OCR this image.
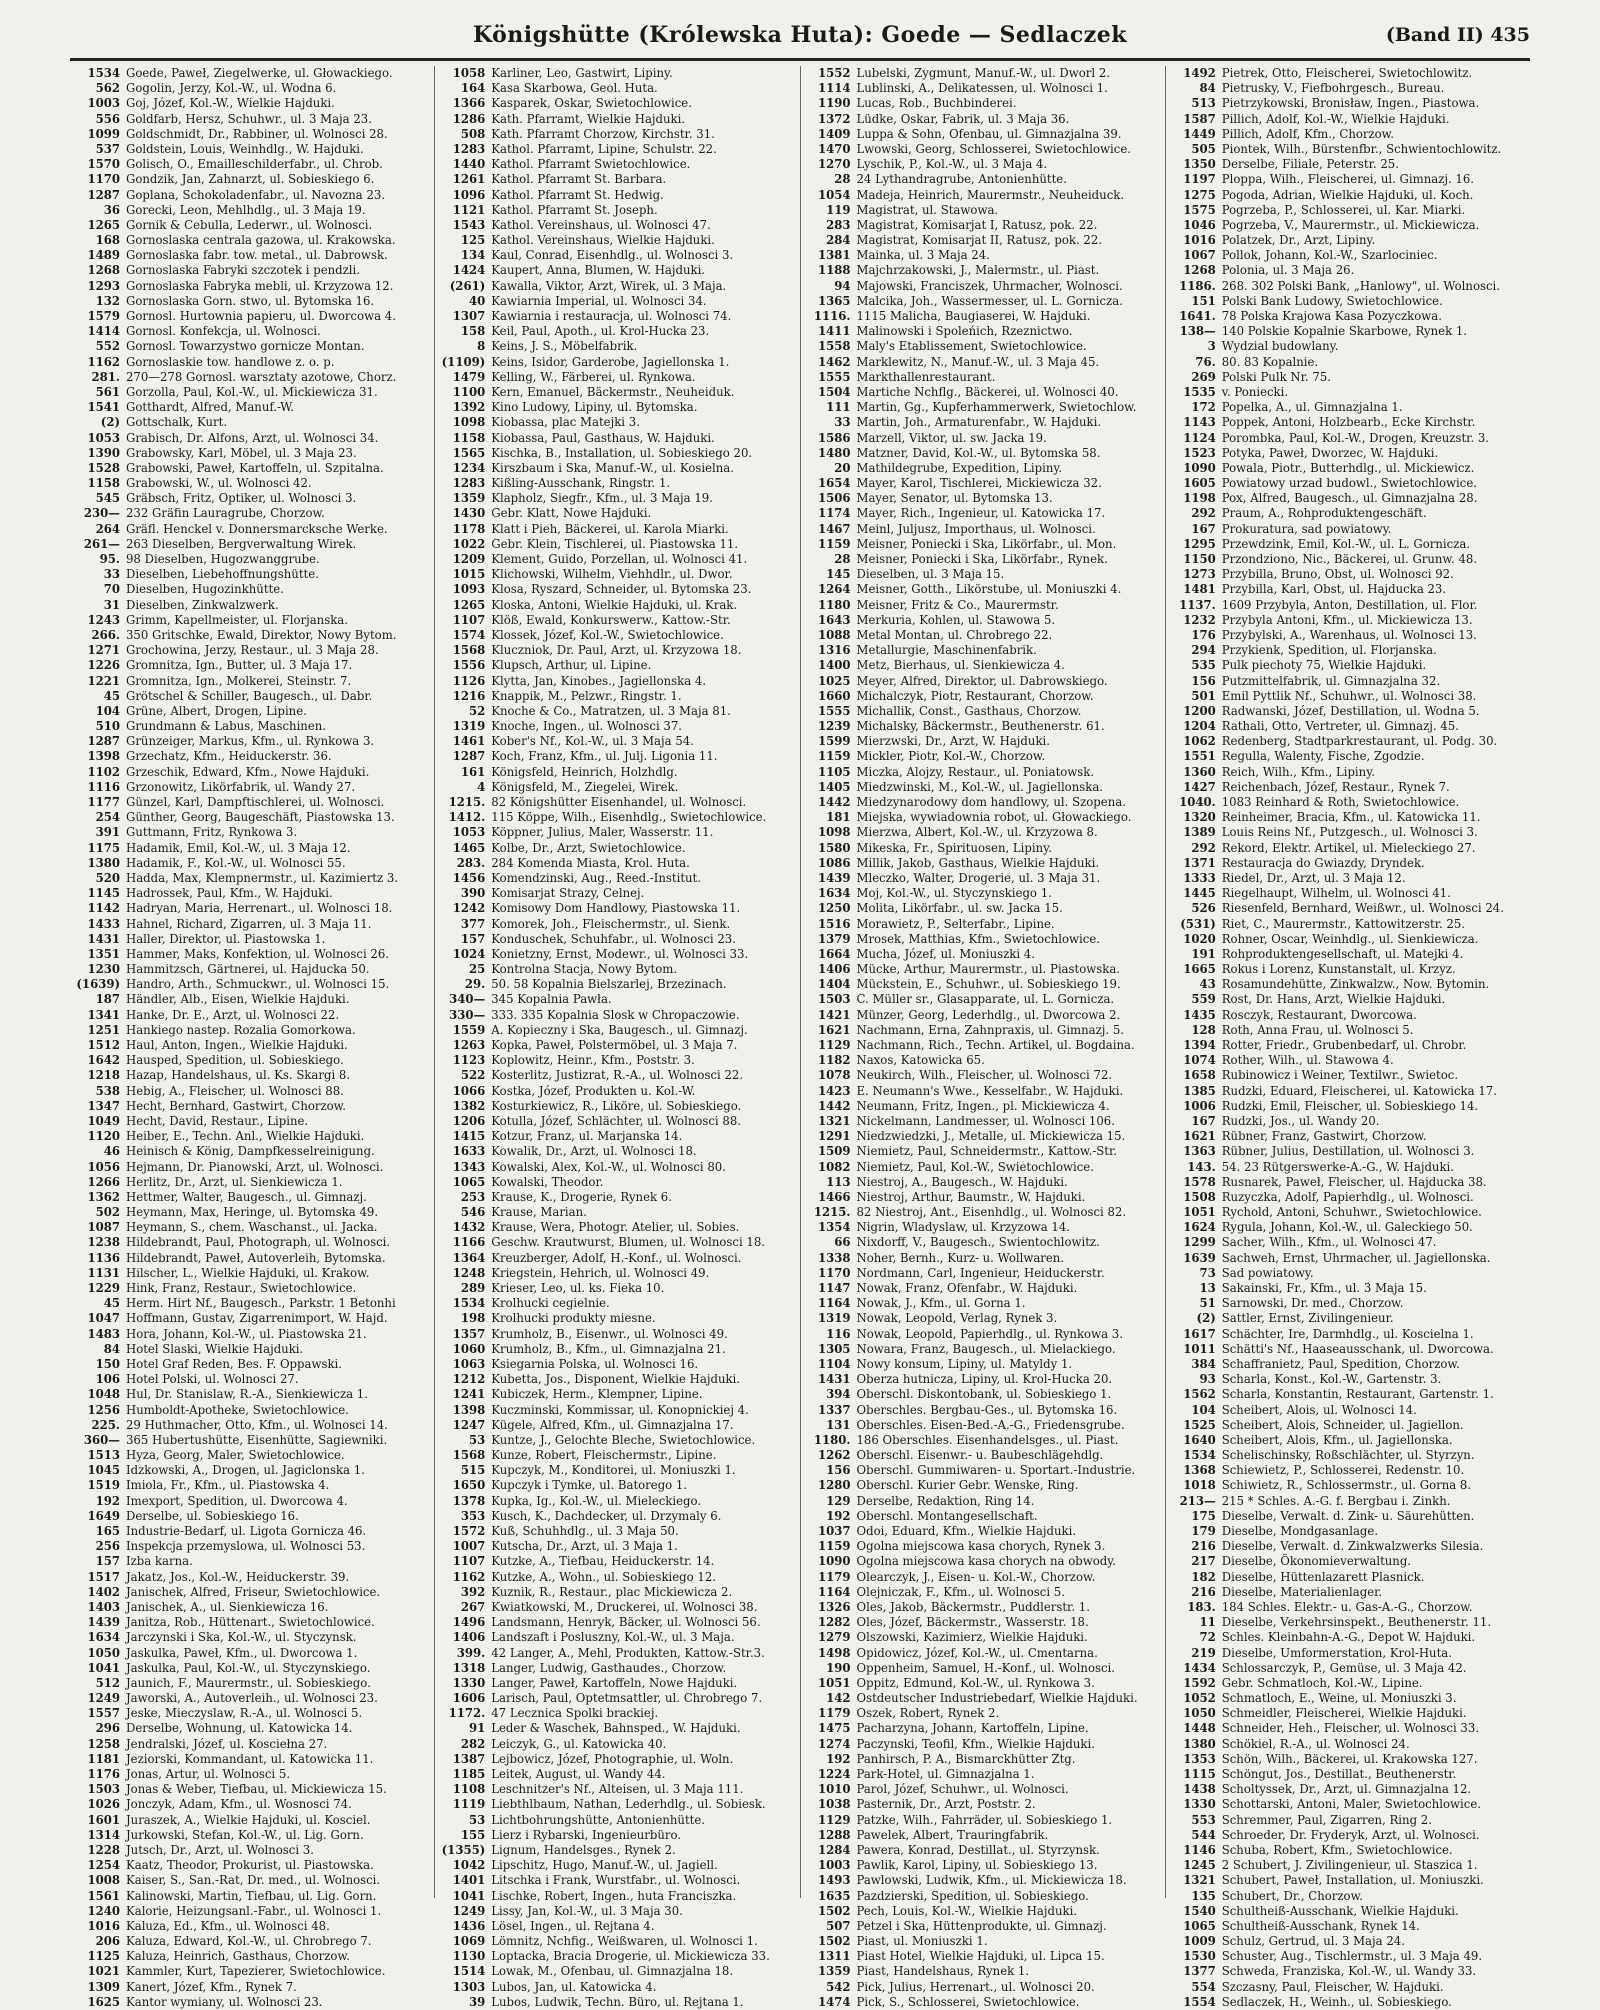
Königshütte (Królewska Huta): Goede — Sedlaczek	(Band II) 435
1534 Goede, Paweł, Ziegelwerke, ul. Głowackiego.
562 Gogolin, Jerzy, Kol.-W., ul. Wodna 6.
1003 Goj, Józef, Kol.-W., Wielkie Hajduki.
556 Goldfarb, Hersz, Schuhwr., ul. 3 Maja 23.
1099 Goldschmidt, Dr., Rabbiner, ul. Wolnosci 28.
537 Goldstein, Louis, Weinhdlg., W. Hajduki.
1570 Golisch, O., Emailleschilderfabr., ul. Chrob.
1170 Gondzik, Jan, Zahnarzt, ul. Sobieskiego 6.
1287 Goplana, Schokoladenfabr., ul. Navozna 23.
36 Gorecki, Leon, Mehlhdlg., ul. 3 Maja 19.
1265 Gornik & Cebulla, Lederwr., ul. Wolnosci.
168 Gornoslaska centrala gazowa, ul. Krakowska.
1489 Gornoslaska fabr. tow. metal., ul. Dabrowsk.
1268 Gornoslaska Fabryki szczotek i pendzli.
1293 Gornoslaska Fabryka mebli, ul. Krzyzowa 12.
132 Gornoslaska Gorn. stwo, ul. Bytomska 16.
1579 Gornosl. Hurtownia papieru, ul. Dworcowa 4.
1414 Gornosl. Konfekcja, ul. Wolnosci.
552 Gornosl. Towarzystwo gornicze Montan.
1162 Gornoslaskie tow. handlowe z. o. p.
281. 270—278 Gornosl. warsztaty azotowe, Chorz.
561 Gorzolla, Paul, Kol.-W., ul. Mickiewicza 31.
1541 Gotthardt, Alfred, Manuf.-W.
(2) Gottschalk, Kurt.
1053 Grabisch, Dr. Alfons, Arzt, ul. Wolnosci 34.
1390 Grabowsky, Karl, Möbel, ul. 3 Maja 23.
1528 Grabowski, Paweł, Kartoffeln, ul. Szpitalna.
1158 Grabowski, W., ul. Wolnosci 42.
545 Gräbsch, Fritz, Optiker, ul. Wolnosci 3.
230— 232 Gräfin Lauragrube, Chorzow.
264 Gräfl. Henckel v. Donnersmarcksche Werke.
261— 263 Dieselben, Bergverwaltung Wirek.
95. 98 Dieselben, Hugozwanggrube.
33 Dieselben, Liebehoffnungshütte.
70 Dieselben, Hugozinkhütte.
31 Dieselben, Zinkwalzwerk.
1243 Grimm, Kapellmeister, ul. Florjanska.
266. 350 Gritschke, Ewald, Direktor, Nowy Bytom.
1271 Grochowina, Jerzy, Restaur., ul. 3 Maja 28.
1226 Gromnitza, Ign., Butter, ul. 3 Maja 17.
1221 Gromnitza, Ign., Molkerei, Steinstr. 7.
45 Grötschel & Schiller, Baugesch., ul. Dabr.
104 Grüne, Albert, Drogen, Lipine.
510 Grundmann & Labus, Maschinen.
1287 Grünzeiger, Markus, Kfm., ul. Rynkowa 3.
1398 Grzechatz, Kfm., Heiduckerstr. 36.
1102 Grzeschik, Edward, Kfm., Nowe Hajduki.
1116 Grzonowitz, Likörfabrik, ul. Wandy 27.
1177 Günzel, Karl, Dampftischlerei, ul. Wolnosci.
254 Günther, Georg, Baugeschäft, Piastowska 13.
391 Guttmann, Fritz, Rynkowa 3.
1175 Hadamik, Emil, Kol.-W., ul. 3 Maja 12.
1380 Hadamik, F., Kol.-W., ul. Wolnosci 55.
520 Hadda, Max, Klempnermstr., ul. Kazimiertz 3.
1145 Hadrossek, Paul, Kfm., W. Hajduki.
1142 Hadryan, Maria, Herrenart., ul. Wolnosci 18.
1433 Hahnel, Richard, Zigarren, ul. 3 Maja 11.
1431 Haller, Direktor, ul. Piastowska 1.
1351 Hammer, Maks, Konfektion, ul. Wolnosci 26.
1230 Hammitzsch, Gärtnerei, ul. Hajducka 50.
(1639) Handro, Arth., Schmuckwr., ul. Wolnosci 15.
187 Händler, Alb., Eisen, Wielkie Hajduki.
1341 Hanke, Dr. E., Arzt, ul. Wolnosci 22.
1251 Hankiego nastep. Rozalia Gomorkowa.
1512 Haul, Anton, Ingen., Wielkie Hajduki.
1642 Hausped, Spedition, ul. Sobieskiego.
1218 Hazap, Handelshaus, ul. Ks. Skargi 8.
538 Hebig, A., Fleischer, ul. Wolnosci 88.
1347 Hecht, Bernhard, Gastwirt, Chorzow.
1049 Hecht, David, Restaur., Lipine.
1120 Heiber, E., Techn. Anl., Wielkie Hajduki.
46 Heinisch & König, Dampfkesselreinigung.
1056 Hejmann, Dr. Pianowski, Arzt, ul. Wolnosci.
1266 Herlitz, Dr., Arzt, ul. Sienkiewicza 1.
1362 Hettmer, Walter, Baugesch., ul. Gimnazj.
502 Heymann, Max, Heringe, ul. Bytomska 49.
1087 Heymann, S., chem. Waschanst., ul. Jacka.
1238 Hildebrandt, Paul, Photograph, ul. Wolnosci.
1136 Hildebrandt, Paweł, Autoverleih, Bytomska.
1131 Hilscher, L., Wielkie Hajduki, ul. Krakow.
1229 Hink, Franz, Restaur., Swietochlowice.
45 Herm. Hirt Nf., Baugesch., Parkstr. 1 Betonhi
1047 Hoffmann, Gustav, Zigarrenimport, W. Hajd.
1483 Hora, Johann, Kol.-W., ul. Piastowska 21.
84 Hotel Slaski, Wielkie Hajduki.
150 Hotel Graf Reden, Bes. F. Oppawski.
106 Hotel Polski, ul. Wolnosci 27.
1048 Hul, Dr. Stanislaw, R.-A., Sienkiewicza 1.
1256 Humboldt-Apotheke, Swietochlowice.
225. 29 Huthmacher, Otto, Kfm., ul. Wolnosci 14.
360— 365 Hubertushütte, Eisenhütte, Sagiewniki.
1513 Hyza, Georg, Maler, Swietochlowice.
1045 Idzkowski, A., Drogen, ul. Jagiclonska 1.
1519 Imiola, Fr., Kfm., ul. Piastowska 4.
192 Imexport, Spedition, ul. Dworcowa 4.
1649 Derselbe, ul. Sobieskiego 16.
165 Industrie-Bedarf, ul. Ligota Gornicza 46.
256 Inspekcja przemyslowa, ul. Wolnosci 53.
157 Izba karna.
1517 Jakatz, Jos., Kol.-W., Heiduckerstr. 39.
1402 Janischek, Alfred, Friseur, Swietochlowice.
1403 Janischek, A., ul. Sienkiewicza 16.
1439 Janitza, Rob., Hüttenart., Swietochlowice.
1634 Jarczynski i Ska, Kol.-W., ul. Styczynsk.
1050 Jaskulka, Paweł, Kfm., ul. Dworcowa 1.
1041 Jaskulka, Paul, Kol.-W., ul. Styczynskiego.
512 Jaunich, F., Maurermstr., ul. Sobieskiego.
1249 Jaworski, A., Autoverleih., ul. Wolnosci 23.
1557 Jeske, Mieczyslaw, R.-A., ul. Wolnosci 5.
296 Derselbe, Wohnung, ul. Katowicka 14.
1258 Jendralski, Józef, ul. Kosciełna 27.
1181 Jeziorski, Kommandant, ul. Katowicka 11.
1176 Jonas, Artur, ul. Wolnosci 5.
1503 Jonas & Weber, Tiefbau, ul. Mickiewicza 15.
1026 Jonczyk, Adam, Kfm., ul. Wosnosci 74.
1601 Juraszek, A., Wielkie Hajduki, ul. Kosciel.
1314 Jurkowski, Stefan, Kol.-W., ul. Lig. Gorn.
1228 Jutsch, Dr., Arzt, ul. Wolnosci 3.
1254 Kaatz, Theodor, Prokurist, ul. Piastowska.
1008 Kaiser, S., San.-Rat, Dr. med., ul. Wolnosci.
1561 Kalinowski, Martin, Tiefbau, ul. Lig. Gorn.
1240 Kalorie, Heizungsanl.-Fabr., ul. Wolnosci 1.
1016 Kaluza, Ed., Kfm., ul. Wolnosci 48.
206 Kaluza, Edward, Kol.-W., ul. Chrobrego 7.
1125 Kaluza, Heinrich, Gasthaus, Chorzow.
1021 Kammler, Kurt, Tapezierer, Swietochlowice.
1309 Kanert, Józef, Kfm., Rynek 7.
1625 Kantor wymiany, ul. Wolnosci 23.
1058 Karliner, Leo, Gastwirt, Lipiny.
164 Kasa Skarbowa, Geol. Huta.
1366 Kasparek, Oskar, Swietochlowice.
1286 Kath. Pfarramt, Wielkie Hajduki.
508 Kath. Pfarramt Chorzow, Kirchstr. 31.
1283 Kathol. Pfarramt, Lipine, Schulstr. 22.
1440 Kathol. Pfarramt Swietochlowice.
1261 Kathol. Pfarramt St. Barbara.
1096 Kathol. Pfarramt St. Hedwig.
1121 Kathol. Pfarramt St. Joseph.
1543 Kathol. Vereinshaus, ul. Wolnosci 47.
125 Kathol. Vereinshaus, Wielkie Hajduki.
134 Kaul, Conrad, Eisenhdlg., ul. Wolnosci 3.
1424 Kaupert, Anna, Blumen, W. Hajduki.
(261) Kawalla, Viktor, Arzt, Wirek, ul. 3 Maja.
40 Kawiarnia Imperial, ul. Wolnosci 34.
1307 Kawiarnia i restauracja, ul. Wolnosci 74.
158 Keil, Paul, Apoth., ul. Krol-Hucka 23.
8 Keins, J. S., Möbelfabrik.
(1109) Keins, Isidor, Garderobe, Jagiellonska 1.
1479 Kelling, W., Färberei, ul. Rynkowa.
1100 Kern, Emanuel, Bäckermstr., Neuheiduk.
1392 Kino Ludowy, Lipiny, ul. Bytomska.
1098 Kiobassa, plac Matejki 3.
1158 Kiobassa, Paul, Gasthaus, W. Hajduki.
1565 Kischka, B., Installation, ul. Sobieskiego 20.
1234 Kirszbaum i Ska, Manuf.-W., ul. Kosielna.
1283 Kißling-Ausschank, Ringstr. 1.
1359 Klapholz, Siegfr., Kfm., ul. 3 Maja 19.
1430 Gebr. Klatt, Nowe Hajduki.
1178 Klatt i Pieh, Bäckerei, ul. Karola Miarki.
1022 Gebr. Klein, Tischlerei, ul. Piastowska 11.
1209 Klement, Guido, Porzellan, ul. Wolnosci 41.
1015 Klichowski, Wilhelm, Viehhdlr., ul. Dwor.
1093 Klosa, Ryszard, Schneider, ul. Bytomska 23.
1265 Kloska, Antoni, Wielkie Hajduki, ul. Krak.
1107 Klöß, Ewald, Konkurswerw., Kattow.-Str.
1574 Klossek, Józef, Kol.-W., Swietochlowice.
1568 Kluczniok, Dr. Paul, Arzt, ul. Krzyzowa 18.
1556 Klupsch, Arthur, ul. Lipine.
1126 Klytta, Jan, Kinobes., Jagiellonska 4.
1216 Knappik, M., Pelzwr., Ringstr. 1.
52 Knoche & Co., Matratzen, ul. 3 Maja 81.
1319 Knoche, Ingen., ul. Wolnosci 37.
1461 Kober's Nf., Kol.-W., ul. 3 Maja 54.
1287 Koch, Franz, Kfm., ul. Julj. Ligonia 11.
161 Königsfeld, Heinrich, Holzhdlg.
4 Königsfeld, M., Ziegelei, Wirek.
1215. 82 Königshütter Eisenhandel, ul. Wolnosci.
1412. 115 Köppe, Wilh., Eisenhdlg., Swietochlowice.
1053 Köppner, Julius, Maler, Wasserstr. 11.
1465 Kolbe, Dr., Arzt, Swietochlowice.
283. 284 Komenda Miasta, Krol. Huta.
1456 Komendzinski, Aug., Reed.-Institut.
390 Komisarjat Strazy, Celnej.
1242 Komisowy Dom Handlowy, Piastowska 11.
377 Komorek, Joh., Fleischermstr., ul. Sienk.
157 Konduschek, Schuhfabr., ul. Wolnosci 23.
1024 Konietzny, Ernst, Modewr., ul. Wolnosci 33.
25 Kontrolna Stacja, Nowy Bytom.
29. 50. 58 Kopalnia Bielszarlej, Brzezinach.
340— 345 Kopalnia Pawła.
330— 333. 335 Kopalnia Slosk w Chropaczowie.
1559 A. Kopieczny i Ska, Baugesch., ul. Gimnazj.
1263 Kopka, Paweł, Polstermöbel, ul. 3 Maja 7.
1123 Koplowitz, Heinr., Kfm., Poststr. 3.
522 Kosterlitz, Justizrat, R.-A., ul. Wolnosci 22.
1066 Kostka, Józef, Produkten u. Kol.-W.
1382 Kosturkiewicz, R., Liköre, ul. Sobieskiego.
1206 Kotulla, Józef, Schlächter, ul. Wolnosci 88.
1415 Kotzur, Franz, ul. Marjanska 14.
1633 Kowalik, Dr., Arzt, ul. Wolnosci 18.
1343 Kowalski, Alex, Kol.-W., ul. Wolnosci 80.
1065 Kowalski, Theodor.
253 Krause, K., Drogerie, Rynek 6.
546 Krause, Marian.
1432 Krause, Wera, Photogr. Atelier, ul. Sobies.
1166 Geschw. Krautwurst, Blumen, ul. Wolnosci 18.
1364 Kreuzberger, Adolf, H.-Konf., ul. Wolnosci.
1248 Kriegstein, Hehrich, ul. Wolnosci 49.
289 Krieser, Leo, ul. ks. Fieka 10.
1534 Krolhucki cegielnie.
198 Krolhucki produkty miesne.
1357 Krumholz, B., Eisenwr., ul. Wolnosci 49.
1060 Krumholz, B., Kfm., ul. Gimnazjalna 21.
1063 Ksiegarnia Polska, ul. Wolnosci 16.
1212 Kubetta, Jos., Disponent, Wielkie Hajduki.
1241 Kubiczek, Herm., Klempner, Lipine.
1398 Kuczminski, Kommissar, ul. Konopnickiej 4.
1247 Kügele, Alfred, Kfm., ul. Gimnazjalna 17.
53 Kuntze, J., Gelochte Bleche, Swietochlowice.
1568 Kunze, Robert, Fleischermstr., Lipine.
515 Kupczyk, M., Konditorei, ul. Moniuszki 1.
1650 Kupczyk i Tymke, ul. Batorego 1.
1378 Kupka, Ig., Kol.-W., ul. Mieleckiego.
353 Kusch, K., Dachdecker, ul. Drzymaly 6.
1572 Kuß, Schuhhdlg., ul. 3 Maja 50.
1007 Kutscha, Dr., Arzt, ul. 3 Maja 1.
1107 Kutzke, A., Tiefbau, Heiduckerstr. 14.
1162 Kutzke, A., Wohn., ul. Sobieskiego 12.
392 Kuznik, R., Restaur., plac Mickiewicza 2.
267 Kwiatkowski, M., Druckerei, ul. Wolnosci 38.
1496 Landsmann, Henryk, Bäcker, ul. Wolnosci 56.
1406 Landszaft i Posluszny, Kol.-W., ul. 3 Maja.
399. 42 Langer, A., Mehl, Produkten, Kattow.-Str.3.
1318 Langer, Ludwig, Gasthaudes., Chorzow.
1330 Langer, Paweł, Kartoffeln, Nowe Hajduki.
1606 Larisch, Paul, Optetmsattler, ul. Chrobrego 7.
1172. 47 Lecznica Spolki brackiej.
91 Leder & Waschek, Bahnsped., W. Hajduki.
282 Leiczyk, G., ul. Katowicka 40.
1387 Lejbowicz, Józef, Photographie, ul. Woln.
1185 Leitek, August, ul. Wandy 44.
1108 Leschnitzer's Nf., Alteisen, ul. 3 Maja 111.
1119 Liebthlbaum, Nathan, Lederhdlg., ul. Sobiesk.
53 Lichtbohrungshütte, Antonienhütte.
155 Lierz i Rybarski, Ingenieurbüro.
(1355) Lignum, Handelsges., Rynek 2.
1042 Lipschitz, Hugo, Manuf.-W., ul. Jagiell.
1401 Litschka i Frank, Wurstfabr., ul. Wolnosci.
1041 Lischke, Robert, Ingen., huta Franciszka.
1249 Lissy, Jan, Kol.-W., ul. 3 Maja 30.
1436 Lösel, Ingen., ul. Rejtana 4.
1069 Lömnitz, Nchfig., Weißwaren, ul. Wolnosci 1.
1130 Loptacka, Bracia Drogerie, ul. Mickiewicza 33.
1514 Lowak, M., Ofenbau, ul. Gimnazjalna 18.
1303 Lubos, Jan, ul. Katowicka 4.
39 Lubos, Ludwik, Techn. Büro, ul. Rejtana 1.
1552 Lubelski, Zygmunt, Manuf.-W., ul. Dworl 2.
1114 Lublinski, A., Delikatessen, ul. Wolnosci 1.
1190 Lucas, Rob., Buchbinderei.
1372 Lüdke, Oskar, Fabrik, ul. 3 Maja 36.
1409 Luppa & Sohn, Ofenbau, ul. Gimnazjalna 39.
1470 Lwowski, Georg, Schlosserei, Swietochlowice.
1270 Lyschik, P., Kol.-W., ul. 3 Maja 4.
28 24 Lythandragrube, Antonienhütte.
1054 Madeja, Heinrich, Maurermstr., Neuheiduck.
119 Magistrat, ul. Stawowa.
283 Magistrat, Komisarjat I, Ratusz, pok. 22.
284 Magistrat, Komisarjat II, Ratusz, pok. 22.
1381 Mainka, ul. 3 Maja 24.
1188 Majchrzakowski, J., Malermstr., ul. Piast.
94 Majowski, Franciszek, Uhrmacher, Wolnosci.
1365 Malcika, Joh., Wassermesser, ul. L. Gornicza.
1116. 1115 Malicha, Baugiaserei, W. Hajduki.
1411 Malinowski i Spoleńich, Rzeznictwo.
1558 Maly's Etablissement, Swietochlowice.
1462 Marklewitz, N., Manuf.-W., ul. 3 Maja 45.
1555 Markthallenrestaurant.
1504 Martiche Nchflg., Bäckerei, ul. Wolnosci 40.
111 Martin, Gg., Kupferhammerwerk, Swietochlow.
33 Martin, Joh., Armaturenfabr., W. Hajduki.
1586 Marzell, Viktor, ul. sw. Jacka 19.
1480 Matzner, David, Kol.-W., ul. Bytomska 58.
20 Mathildegrube, Expedition, Lipiny.
1654 Mayer, Karol, Tischlerei, Mickiewicza 32.
1506 Mayer, Senator, ul. Bytomska 13.
1174 Mayer, Rich., Ingenieur, ul. Katowicka 17.
1467 Meinl, Juljusz, Importhaus, ul. Wolnosci.
1159 Meisner, Poniecki i Ska, Likörfabr., ul. Mon.
28 Meisner, Poniecki i Ska, Likörfabr., Rynek.
145 Dieselben, ul. 3 Maja 15.
1264 Meisner, Gotth., Likörstube, ul. Moniuszki 4.
1180 Meisner, Fritz & Co., Maurermstr.
1643 Merkuria, Kohlen, ul. Stawowa 5.
1088 Metal Montan, ul. Chrobrego 22.
1316 Metallurgie, Maschinenfabrik.
1400 Metz, Bierhaus, ul. Sienkiewicza 4.
1025 Meyer, Alfred, Direktor, ul. Dabrowskiego.
1660 Michalczyk, Piotr, Restaurant, Chorzow.
1555 Michallik, Const., Gasthaus, Chorzow.
1239 Michalsky, Bäckermstr., Beuthenerstr. 61.
1599 Mierzwski, Dr., Arzt, W. Hajduki.
1159 Mickler, Piotr, Kol.-W., Chorzow.
1105 Miczka, Alojzy, Restaur., ul. Poniatowsk.
1405 Miedzwinski, M., Kol.-W., ul. Jagiellonska.
1442 Miedzynarodowy dom handlowy, ul. Szopena.
181 Miejska, wywiadownia robot, ul. Głowackiego.
1098 Mierzwa, Albert, Kol.-W., ul. Krzyzowa 8.
1580 Mikeska, Fr., Spirituosen, Lipiny.
1086 Millik, Jakob, Gasthaus, Wielkie Hajduki.
1439 Mleczko, Walter, Drogerie, ul. 3 Maja 31.
1634 Moj, Kol.-W., ul. Styczynskiego 1.
1250 Molita, Likörfabr., ul. sw. Jacka 15.
1516 Morawietz, P., Selterfabr., Lipine.
1379 Mrosek, Matthias, Kfm., Swietochlowice.
1664 Mucha, Józef, ul. Moniuszki 4.
1406 Mücke, Arthur, Maurermstr., ul. Piastowska.
1404 Mückstein, E., Schuhwr., ul. Sobieskiego 19.
1503 C. Müller sr., Glasapparate, ul. L. Gornicza.
1421 Münzer, Georg, Lederhdlg., ul. Dworcowa 2.
1621 Nachmann, Erna, Zahnpraxis, ul. Gimnazj. 5.
1129 Nachmann, Rich., Techn. Artikel, ul. Bogdaina.
1182 Naxos, Katowicka 65.
1078 Neukirch, Wilh., Fleischer, ul. Wolnosci 72.
1423 E. Neumann's Wwe., Kesselfabr., W. Hajduki.
1442 Neumann, Fritz, Ingen., pl. Mickiewicza 4.
1321 Nickelmann, Landmesser, ul. Wolnosci 106.
1291 Niedzwiedzki, J., Metalle, ul. Mickiewicza 15.
1509 Niemietz, Paul, Schneidermstr., Kattow.-Str.
1082 Niemietz, Paul, Kol.-W., Swietochlowice.
113 Niestroj, A., Baugesch., W. Hajduki.
1466 Niestroj, Arthur, Baumstr., W. Hajduki.
1215. 82 Niestroj, Ant., Eisenhdlg., ul. Wolnosci 82.
1354 Nigrin, Wladyslaw, ul. Krzyzowa 14.
66 Nixdorff, V., Baugesch., Swientochlowitz.
1338 Noher, Bernh., Kurz- u. Wollwaren.
1170 Nordmann, Carl, Ingenieur, Heiduckerstr.
1147 Nowak, Franz, Ofenfabr., W. Hajduki.
1164 Nowak, J., Kfm., ul. Gorna 1.
1319 Nowak, Leopold, Verlag, Rynek 3.
116 Nowak, Leopold, Papierhdlg., ul. Rynkowa 3.
1305 Nowara, Franz, Baugesch., ul. Mielackiego.
1104 Nowy konsum, Lipiny, ul. Matyldy 1.
1431 Oberza hutnicza, Lipiny, ul. Krol-Hucka 20.
394 Oberschl. Diskontobank, ul. Sobieskiego 1.
1337 Oberschles. Bergbau-Ges., ul. Bytomska 16.
131 Oberschles. Eisen-Bed.-A.-G., Friedensgrube.
1180. 186 Oberschles. Eisenhandelsges., ul. Piast.
1262 Oberschl. Eisenwr.- u. Baubeschlägehdlg.
156 Oberschl. Gummiwaren- u. Sportart.-Industrie.
1280 Oberschl. Kurier Gebr. Wenske, Ring.
129 Derselbe, Redaktion, Ring 14.
192 Oberschl. Montangesellschaft.
1037 Odoi, Eduard, Kfm., Wielkie Hajduki.
1159 Ogolna miejscowa kasa chorych, Rynek 3.
1090 Ogolna miejscowa kasa chorych na obwody.
1179 Olearczyk, J., Eisen- u. Kol.-W., Chorzow.
1164 Olejniczak, F., Kfm., ul. Wolnosci 5.
1326 Oles, Jakob, Bäckermstr., Puddlerstr. 1.
1282 Oles, Józef, Bäckermstr., Wasserstr. 18.
1279 Olszowski, Kazimierz, Wielkie Hajduki.
1498 Opidowicz, Józef, Kol.-W., ul. Cmentarna.
190 Oppenheim, Samuel, H.-Konf., ul. Wolnosci.
1051 Oppitz, Edmund, Kol.-W., ul. Rynkowa 3.
142 Ostdeutscher Industriebedarf, Wielkie Hajduki.
1179 Oszek, Robert, Rynek 2.
1475 Pacharzyna, Johann, Kartoffeln, Lipine.
1274 Paczynski, Teofil, Kfm., Wielkie Hajduki.
192 Panhirsch, P. A., Bismarckhütter Ztg.
1224 Park-Hotel, ul. Gimnazjalna 1.
1010 Parol, Józef, Schuhwr., ul. Wolnosci.
1038 Pasternik, Dr., Arzt, Poststr. 2.
1129 Patzke, Wilh., Fahrräder, ul. Sobieskiego 1.
1288 Pawelek, Albert, Trauringfabrik.
1284 Pawera, Konrad, Destillat., ul. Styrzynsk.
1003 Pawlik, Karol, Lipiny, ul. Sobieskiego 13.
1493 Pawlowski, Ludwik, Kfm., ul. Mickiewicza 18.
1635 Pazdzierski, Spedition, ul. Sobieskiego.
1502 Pech, Louis, Kol.-W., Wielkie Hajduki.
507 Petzel i Ska, Hüttenprodukte, ul. Gimnazj.
1502 Piast, ul. Moniuszki 1.
1311 Piast Hotel, Wielkie Hajduki, ul. Lipca 15.
1359 Piast, Handelshaus, Rynek 1.
542 Pick, Julius, Herrenart., ul. Wolnosci 20.
1474 Pick, S., Schlosserei, Swietochlowice.
1492 Pietrek, Otto, Fleischerei, Swietochlowitz.
84 Pietrusky, V., Fiefbohrgesch., Bureau.
513 Pietrzykowski, Bronisław, Ingen., Piastowa.
1587 Pillich, Adolf, Kol.-W., Wielkie Hajduki.
1449 Pillich, Adolf, Kfm., Chorzow.
505 Piontek, Wilh., Bürstenfbr., Schwientochlowitz.
1350 Derselbe, Filiale, Peterstr. 25.
1197 Ploppa, Wilh., Fleischerei, ul. Gimnazj. 16.
1275 Pogoda, Adrian, Wielkie Hajduki, ul. Koch.
1575 Pogrzeba, P., Schlosserei, ul. Kar. Miarki.
1046 Pogrzeba, V., Maurermstr., ul. Mickiewicza.
1016 Polatzek, Dr., Arzt, Lipiny.
1067 Pollok, Johann, Kol.-W., Szarlociniec.
1268 Polonia, ul. 3 Maja 26.
1186. 268. 302 Polski Bank, „Hanlowy", ul. Wolnosci.
151 Polski Bank Ludowy, Swietochlowice.
1641. 78 Polska Krajowa Kasa Pozyczkowa.
138— 140 Polskie Kopalnie Skarbowe, Rynek 1.
3 Wydzial budowlany.
76. 80. 83 Kopalnie.
269 Polski Pulk Nr. 75.
1535 v. Poniecki.
172 Popelka, A., ul. Gimnazjalna 1.
1143 Poppek, Antoni, Holzbearb., Ecke Kirchstr.
1124 Porombka, Paul, Kol.-W., Drogen, Kreuzstr. 3.
1523 Potyka, Paweł, Dworzec, W. Hajduki.
1090 Powala, Piotr., Butterhdlg., ul. Mickiewicz.
1605 Powiatowy urzad budowl., Swietochlowice.
1198 Pox, Alfred, Baugesch., ul. Gimnazjalna 28.
292 Praum, A., Rohproduktengeschäft.
167 Prokuratura, sad powiatowy.
1295 Przewdzink, Emil, Kol.-W., ul. L. Gornicza.
1150 Przondziono, Nic., Bäckerei, ul. Grunw. 48.
1273 Przybilla, Bruno, Obst, ul. Wolnosci 92.
1481 Przybilla, Karl, Obst, ul. Hajducka 23.
1137. 1609 Przybyla, Anton, Destillation, ul. Flor.
1232 Przybyla Antoni, Kfm., ul. Mickiewicza 13.
176 Przybylski, A., Warenhaus, ul. Wolnosci 13.
294 Przykienk, Spedition, ul. Florjanska.
535 Pulk piechoty 75, Wielkie Hajduki.
156 Putzmittelfabrik, ul. Gimnazjalna 32.
501 Emil Pyttlik Nf., Schuhwr., ul. Wolnosci 38.
1200 Radwanski, Józef, Destillation, ul. Wodna 5.
1204 Rathali, Otto, Vertreter, ul. Gimnazj. 45.
1062 Redenberg, Stadtparkrestaurant, ul. Podg. 30.
1551 Regulla, Walenty, Fische, Zgodzie.
1360 Reich, Wilh., Kfm., Lipiny.
1427 Reichenbach, Józef, Restaur., Rynek 7.
1040. 1083 Reinhard & Roth, Swietochlowice.
1320 Reinheimer, Bracia, Kfm., ul. Katowicka 11.
1389 Louis Reins Nf., Putzgesch., ul. Wolnosci 3.
292 Rekord, Elektr. Artikel, ul. Mieleckiego 27.
1371 Restauracja do Gwiazdy, Dryndek.
1333 Riedel, Dr., Arzt, ul. 3 Maja 12.
1445 Riegelhaupt, Wilhelm, ul. Wolnosci 41.
526 Riesenfeld, Bernhard, Weißwr., ul. Wolnosci 24.
(531) Riet, C., Maurermstr., Kattowitzerstr. 25.
1020 Rohner, Oscar, Weinhdlg., ul. Sienkiewicza.
191 Rohproduktengesellschaft, ul. Matejki 4.
1665 Rokus i Lorenz, Kunstanstalt, ul. Krzyz.
43 Rosamundehütte, Zinkwalzw., Now. Bytomin.
559 Rost, Dr. Hans, Arzt, Wielkie Hajduki.
1435 Rosczyk, Restaurant, Dworcowa.
128 Roth, Anna Frau, ul. Wolnosci 5.
1394 Rotter, Friedr., Grubenbedarf, ul. Chrobr.
1074 Rother, Wilh., ul. Stawowa 4.
1658 Rubinowicz i Weiner, Textilwr., Swietoc.
1385 Rudzki, Eduard, Fleischerei, ul. Katowicka 17.
1006 Rudzki, Emil, Fleischer, ul. Sobieskiego 14.
167 Rudzki, Jos., ul. Wandy 20.
1621 Rübner, Franz, Gastwirt, Chorzow.
1363 Rübner, Julius, Destillation, ul. Wolnosci 3.
143. 54. 23 Rütgerswerke-A.-G., W. Hajduki.
1578 Rusnarek, Paweł, Fleischer, ul. Hajducka 38.
1508 Ruzyczka, Adolf, Papierhdlg., ul. Wolnosci.
1051 Rychold, Antoni, Schuhwr., Swietochlowice.
1624 Rygula, Johann, Kol.-W., ul. Galeckiego 50.
1299 Sacher, Wilh., Kfm., ul. Wolnosci 47.
1639 Sachweh, Ernst, Uhrmacher, ul. Jagiellonska.
73 Sad powiatowy.
13 Sakainski, Fr., Kfm., ul. 3 Maja 15.
51 Sarnowski, Dr. med., Chorzow.
(2) Sattler, Ernst, Zivilingenieur.
1617 Schächter, Ire, Darmhdlg., ul. Koscielna 1.
1011 Schätti's Nf., Haaseausschank, ul. Dworcowa.
384 Schaffranietz, Paul, Spedition, Chorzow.
93 Scharla, Konst., Kol.-W., Gartenstr. 3.
1562 Scharla, Konstantin, Restaurant, Gartenstr. 1.
104 Scheibert, Alois, ul. Wolnosci 14.
1525 Scheibert, Alois, Schneider, ul. Jagiellon.
1640 Scheibert, Alois, Kfm., ul. Jagiellonska.
1534 Schelischinsky, Roßschlächter, ul. Styrzyn.
1368 Schiewietz, P., Schlosserei, Redenstr. 10.
1018 Schiwietz, R., Schlossermstr., ul. Gorna 8.
213— 215 * Schles. A.-G. f. Bergbau i. Zinkh.
175 Dieselbe, Verwalt. d. Zink- u. Säurehütten.
179 Dieselbe, Mondgasanlage.
216 Dieselbe, Verwalt. d. Zinkwalzwerks Silesia.
217 Dieselbe, Ökonomieverwaltung.
182 Dieselbe, Hüttenlazarett Plasnick.
216 Dieselbe, Materialienlager.
183. 184 Schles. Elektr.- u. Gas-A.-G., Chorzow.
11 Dieselbe, Verkehrsinspekt., Beuthenerstr. 11.
72 Schles. Kleinbahn-A.-G., Depot W. Hajduki.
219 Dieselbe, Umformerstation, Krol-Huta.
1434 Schlossarczyk, P., Gemüse, ul. 3 Maja 42.
1592 Gebr. Schmatloch, Kol.-W., Lipine.
1052 Schmatloch, E., Weine, ul. Moniuszki 3.
1050 Schmeidler, Fleischerei, Wielkie Hajduki.
1448 Schneider, Heh., Fleischer, ul. Wolnosci 33.
1380 Schökiel, R.-A., ul. Wolnosci 24.
1353 Schön, Wilh., Bäckerei, ul. Krakowska 127.
1115 Schöngut, Jos., Destillat., Beuthenerstr.
1438 Scholtyssek, Dr., Arzt, ul. Gimnazjalna 12.
1330 Schottarski, Antoni, Maler, Swietochlowice.
553 Schremmer, Paul, Zigarren, Ring 2.
544 Schroeder, Dr. Fryderyk, Arzt, ul. Wolnosci.
1146 Schuba, Robert, Kfm., Swietochlowice.
1245 2 Schubert, J. Zivilingenieur, ul. Staszica 1.
1321 Schubert, Paweł, Installation, ul. Moniuszki.
135 Schubert, Dr., Chorzow.
1540 Schultheiß-Ausschank, Wielkie Hajduki.
1065 Schultheiß-Ausschank, Rynek 14.
1009 Schulz, Gertrud, ul. 3 Maja 24.
1530 Schuster, Aug., Tischlermstr., ul. 3 Maja 49.
1377 Schweda, Franziska, Kol.-W., ul. Wandy 33.
554 Szczasny, Paul, Fleischer, W. Hajduki.
1554 Sedlaczek, H., Weinh., ul. Sobieskiego.
